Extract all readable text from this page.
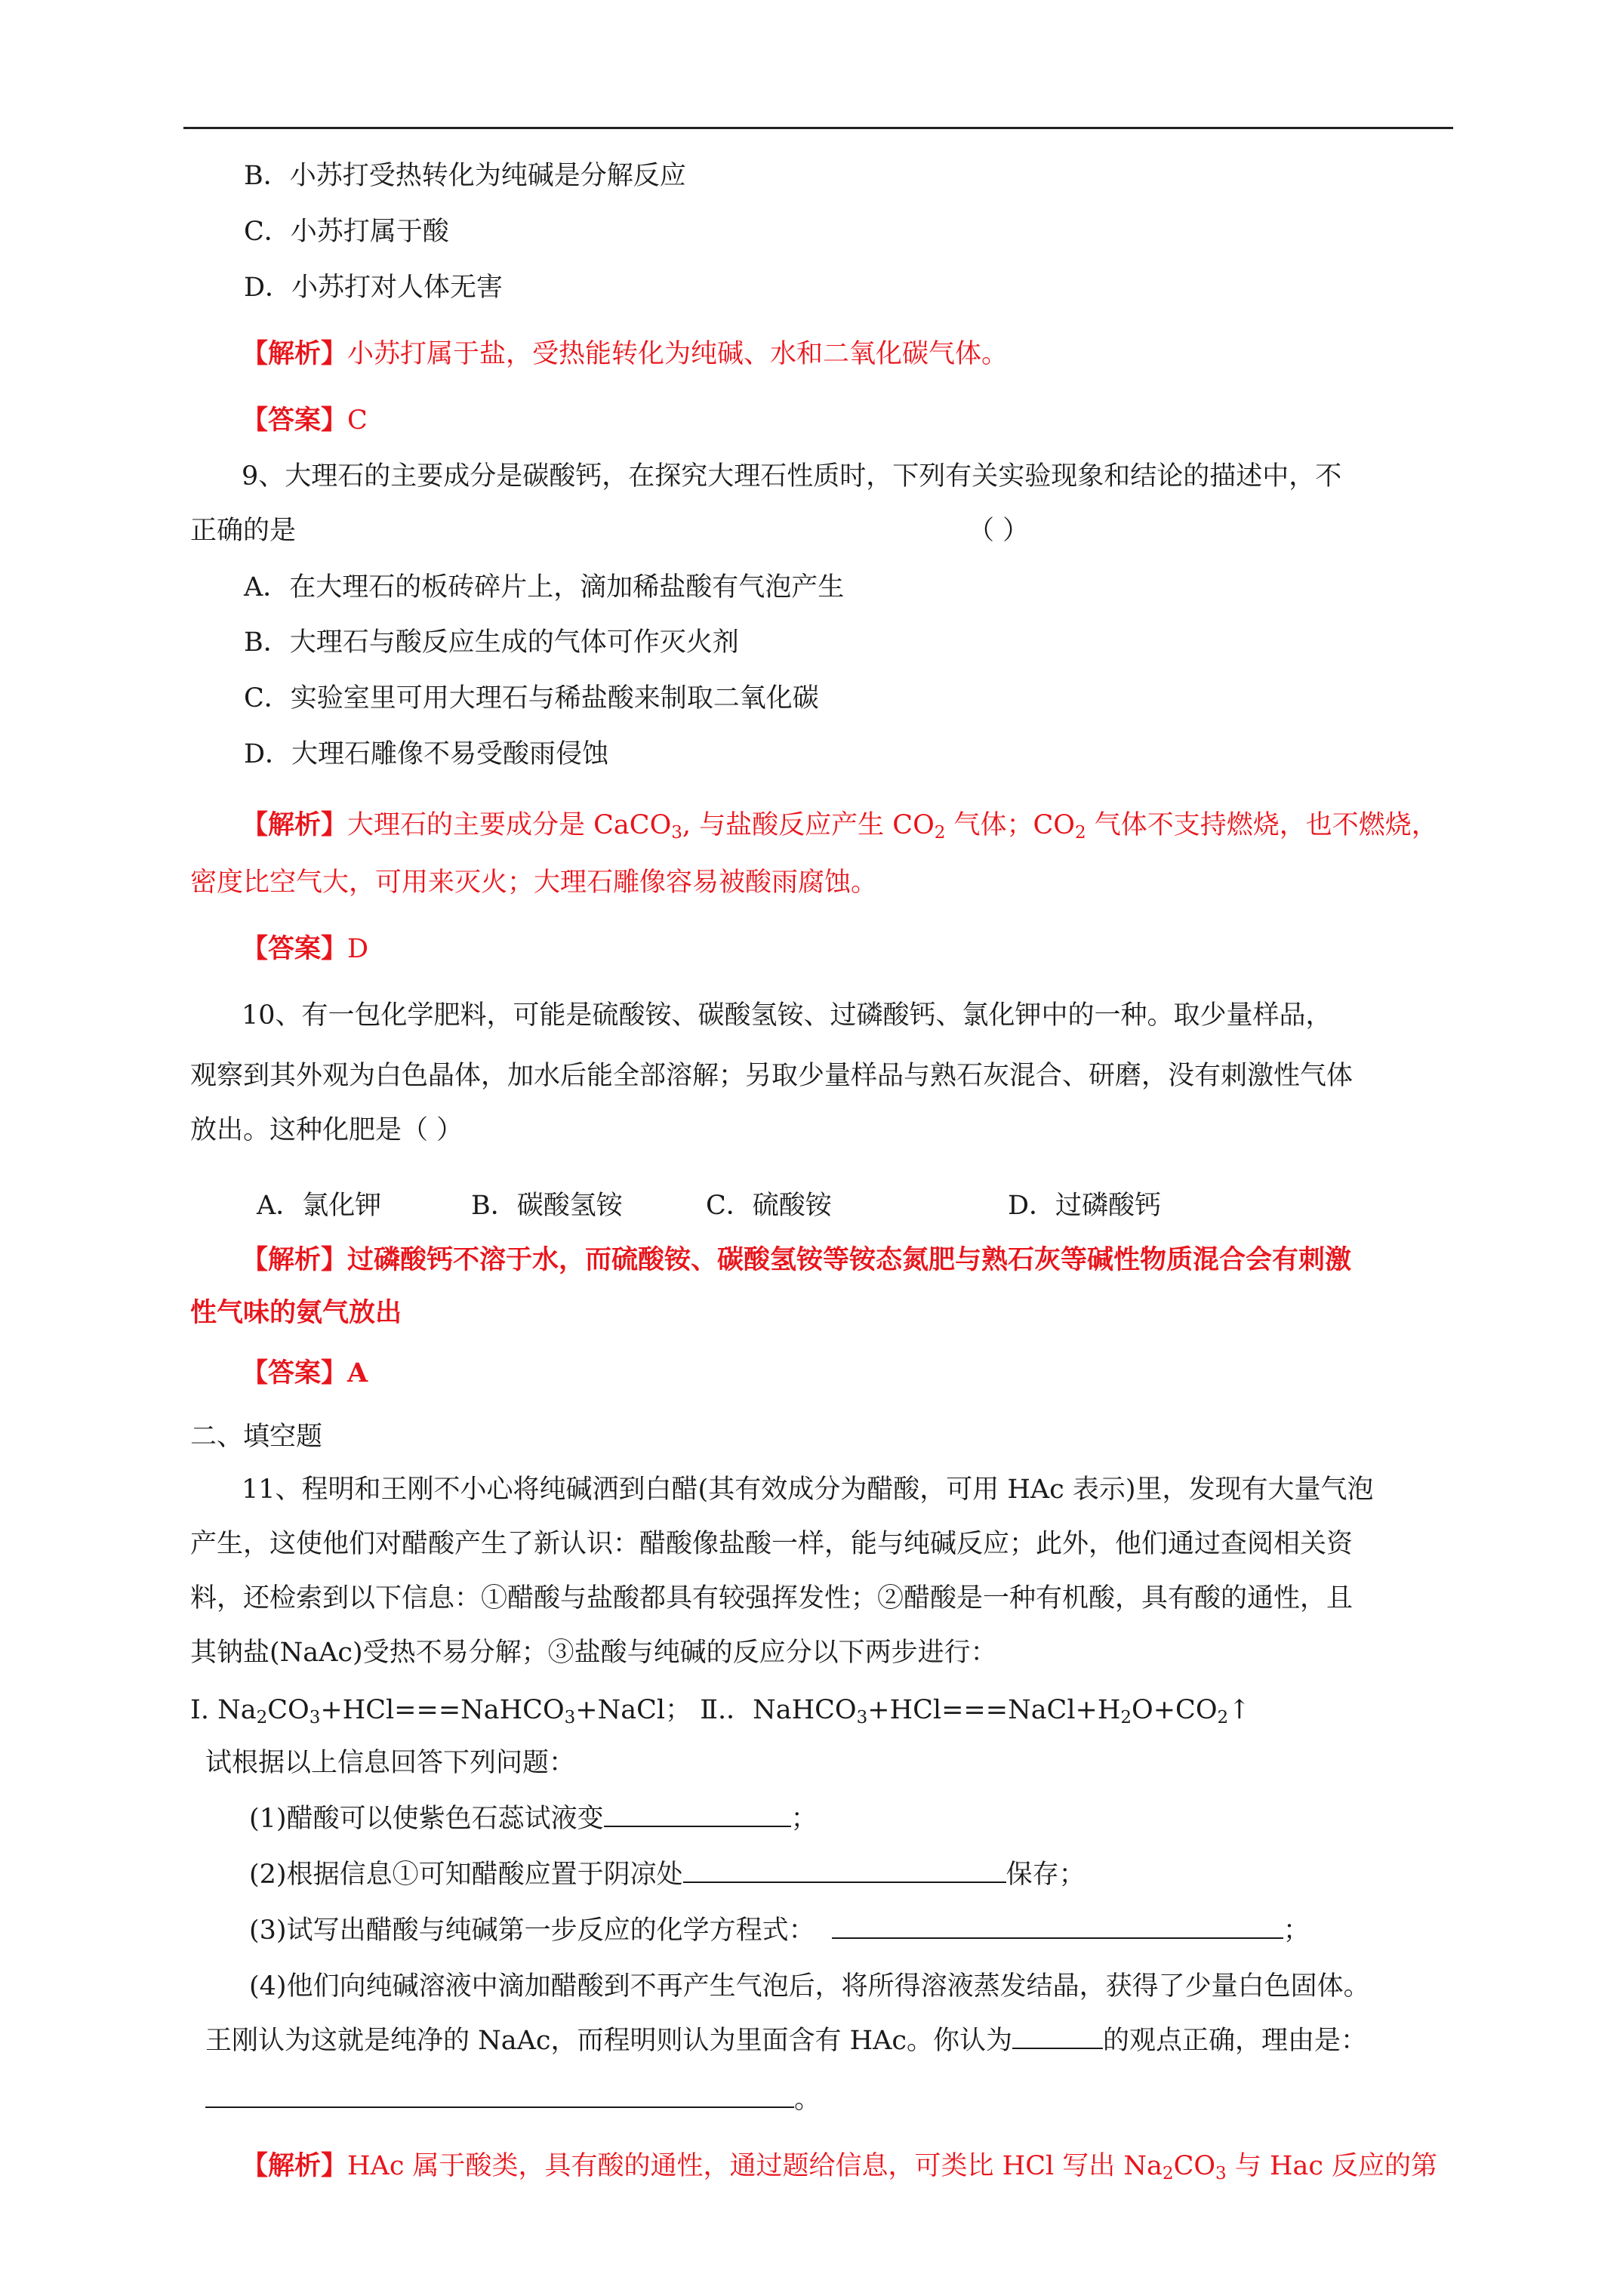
B．小苏打受热转化为纯碱是分解反应
C．小苏打属于酸
D．小苏打对人体无害
【解析】小苏打属于盐，受热能转化为纯碱、水和二氧化碳气体。
【答案】C
9、大理石的主要成分是碳酸钙，在探究大理石性质时，下列有关实验现象和结论的描述中，不
正确的是	（ ）
A．在大理石的板砖碎片上，滴加稀盐酸有气泡产生
B．大理石与酸反应生成的气体可作灭火剂
C．实验室里可用大理石与稀盐酸来制取二氧化碳
D．大理石雕像不易受酸雨侵蚀
【解析】大理石的主要成分是 CaCO$_3$, 与盐酸反应产生 $CO_2$ 气体；$CO_2$ 气体不支持燃烧，也不燃烧，
密度比空气大，可用来灭火；大理石雕像容易被酸雨腐蚀。
【答案】D
10、有一包化学肥料，可能是硫酸铵、碳酸氢铵、过磷酸钙、氯化钾中的一种。取少量样品，
观察到其外观为白色晶体，加水后能全部溶解；另取少量样品与熟石灰混合、研磨，没有刺激性气体
放出。这种化肥是（ ）
A．氯化钾	B．碳酸氢铵	C．硫酸铵	D．过磷酸钙
【解析】过磷酸钙不溶于水，而硫酸铵、碳酸氢铵等铵态氮肥与熟石灰等碱性物质混合会有刺激
性气味的氨气放出
【答案】A
二、填空题
11、程明和王刚不小心将纯碱洒到白醋(其有效成分为醋酸，可用 HAc 表示)里，发现有大量气泡
产生，这使他们对醋酸产生了新认识：醋酸像盐酸一样，能与纯碱反应；此外，他们通过查阅相关资
料，还检索到以下信息：①醋酸与盐酸都具有较强挥发性；②醋酸是一种有机酸，具有酸的通性，且
其钠盐(NaAc)受热不易分解；③盐酸与纯碱的反应分以下两步进行：
Ⅰ. $Na_2CO_3+HCl===NaHCO_3+NaCl$； Ⅱ.．$NaHCO_3+HCl===NaCl+H_2O+CO_2↑$
试根据以上信息回答下列问题：
(1)醋酸可以使紫色石蕊试液变	；
(2)根据信息①可知醋酸应置于阴凉处	保存；
(3)试写出醋酸与纯碱第一步反应的化学方程式：	；
(4)他们向纯碱溶液中滴加醋酸到不再产生气泡后，将所得溶液蒸发结晶，获得了少量白色固体。
王刚认为这就是纯净的 NaAc，而程明则认为里面含有 HAc。你认为	的观点正确，理由是：
。
【解析】HAc 属于酸类，具有酸的通性，通过题给信息，可类比 HCl 写出 $Na_2CO_3$ 与 Hac 反应的第
